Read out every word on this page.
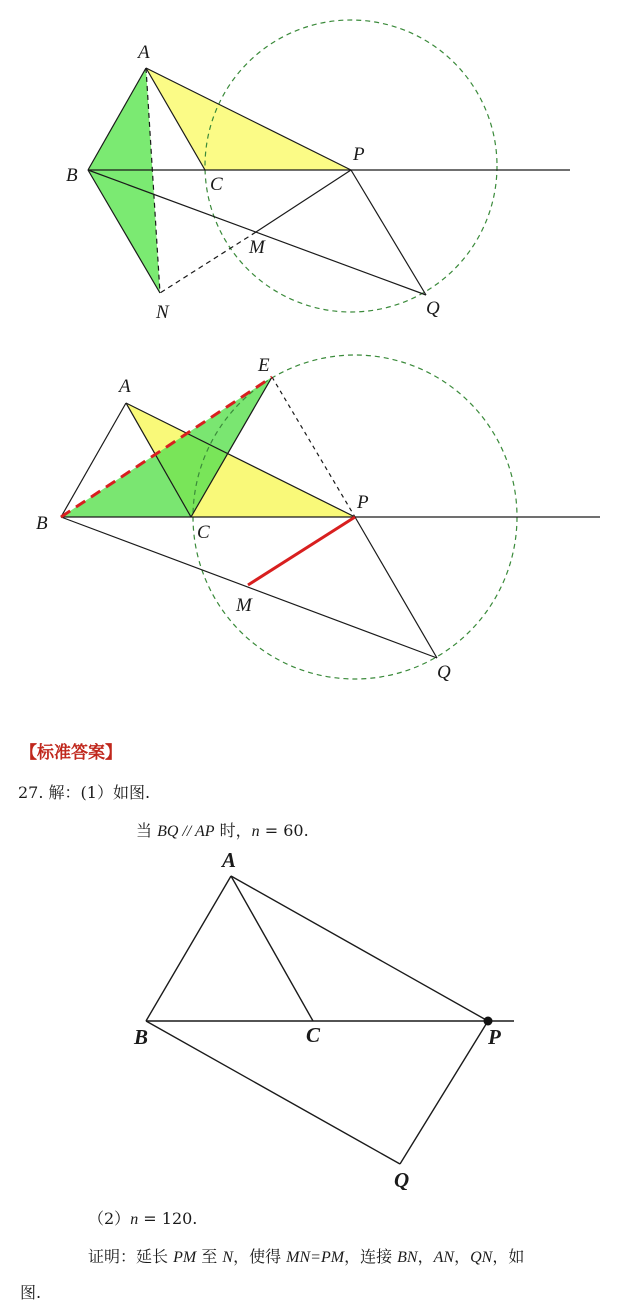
A
B	C
P
M
N	Q
A
B	C
P
M
E
Q
【标准答案】
27. 解：(1）如图.
当 BQ // AP 时，n = 60.
A
B	C	P
Q
（2）n = 120.
证明：延长 PM 至 N，使得 MN=PM，连接 BN，AN，QN，如
图.
